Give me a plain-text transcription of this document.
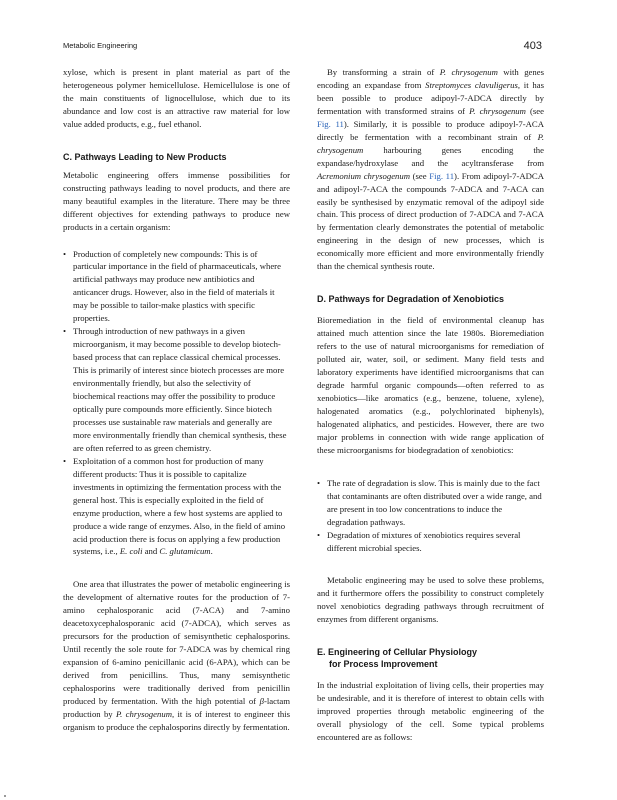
Metabolic Engineering	403

xylose, which is present in plant material as part of the heterogeneous polymer hemicellulose. Hemicellulose is one of the main constituents of lignocellulose, which due to its abundance and low cost is an attractive raw material for low value added products, e.g., fuel ethanol.

C. Pathways Leading to New Products

Metabolic engineering offers immense possibilities for constructing pathways leading to novel products, and there are many beautiful examples in the literature. There may be three different objectives for extending pathways to produce new products in a certain organism:

• Production of completely new compounds: This is of particular importance in the field of pharmaceuticals, where artificial pathways may produce new antibiotics and anticancer drugs. However, also in the field of materials it may be possible to tailor-make plastics with specific properties.
• Through introduction of new pathways in a given microorganism, it may become possible to develop biotech-based process that can replace classical chemical processes. This is primarily of interest since biotech processes are more environmentally friendly, but also the selectivity of biochemical reactions may offer the possibility to produce optically pure compounds more efficiently. Since biotech processes use sustainable raw materials and generally are more environmentally friendly than chemical synthesis, these are often referred to as green chemistry.
• Exploitation of a common host for production of many different products: Thus it is possible to capitalize investments in optimizing the fermentation process with the general host. This is especially exploited in the field of enzyme production, where a few host systems are applied to produce a wide range of enzymes. Also, in the field of amino acid production there is focus on applying a few production systems, i.e., E. coli and C. glutamicum.

One area that illustrates the power of metabolic engineering is the development of alternative routes for the production of 7-amino cephalosporanic acid (7-ACA) and 7-amino deacetoxycephalosporanic acid (7-ADCA), which serves as precursors for the production of semisynthetic cephalosporins. Until recently the sole route for 7-ADCA was by chemical ring expansion of 6-amino penicillanic acid (6-APA), which can be derived from penicillins. Thus, many semisynthetic cephalosporins were traditionally derived from penicillin produced by fermentation. With the high potential of β-lactam production by P. chrysogenum, it is of interest to engineer this organism to produce the cephalosporins directly by fermentation.

By transforming a strain of P. chrysogenum with genes encoding an expandase from Streptomyces clavuligerus, it has been possible to produce adipoyl-7-ADCA directly by fermentation with transformed strains of P. chrysogenum (see Fig. 11). Similarly, it is possible to produce adipoyl-7-ACA directly be fermentation with a recombinant strain of P. chrysogenum harbouring genes encoding the expandase/hydroxylase and the acyltransferase from Acremonium chrysogenum (see Fig. 11). From adipoyl-7-ADCA and adipoyl-7-ACA the compounds 7-ADCA and 7-ACA can easily be synthesised by enzymatic removal of the adipoyl side chain. This process of direct production of 7-ADCA and 7-ACA by fermentation clearly demonstrates the potential of metabolic engineering in the design of new processes, which is economically more efficient and more environmentally friendly than the chemical synthesis route.

D. Pathways for Degradation of Xenobiotics

Bioremediation in the field of environmental cleanup has attained much attention since the late 1980s. Bioremediation refers to the use of natural microorganisms for remediation of polluted air, water, soil, or sediment. Many field tests and laboratory experiments have identified microorganisms that can degrade harmful organic compounds—often referred to as xenobiotics—like aromatics (e.g., benzene, toluene, xylene), halogenated aromatics (e.g., polychlorinated biphenyls), halogenated aliphatics, and pesticides. However, there are two major problems in connection with wide range application of these microorganisms for biodegradation of xenobiotics:

• The rate of degradation is slow. This is mainly due to the fact that contaminants are often distributed over a wide range, and are present in too low concentrations to induce the degradation pathways.
• Degradation of mixtures of xenobiotics requires several different microbial species.

Metabolic engineering may be used to solve these problems, and it furthermore offers the possibility to construct completely novel xenobiotics degrading pathways through recruitment of enzymes from different organisms.

E. Engineering of Cellular Physiology
for Process Improvement

In the industrial exploitation of living cells, their properties may be undesirable, and it is therefore of interest to obtain cells with improved properties through metabolic engineering of the overall physiology of the cell. Some typical problems encountered are as follows:
